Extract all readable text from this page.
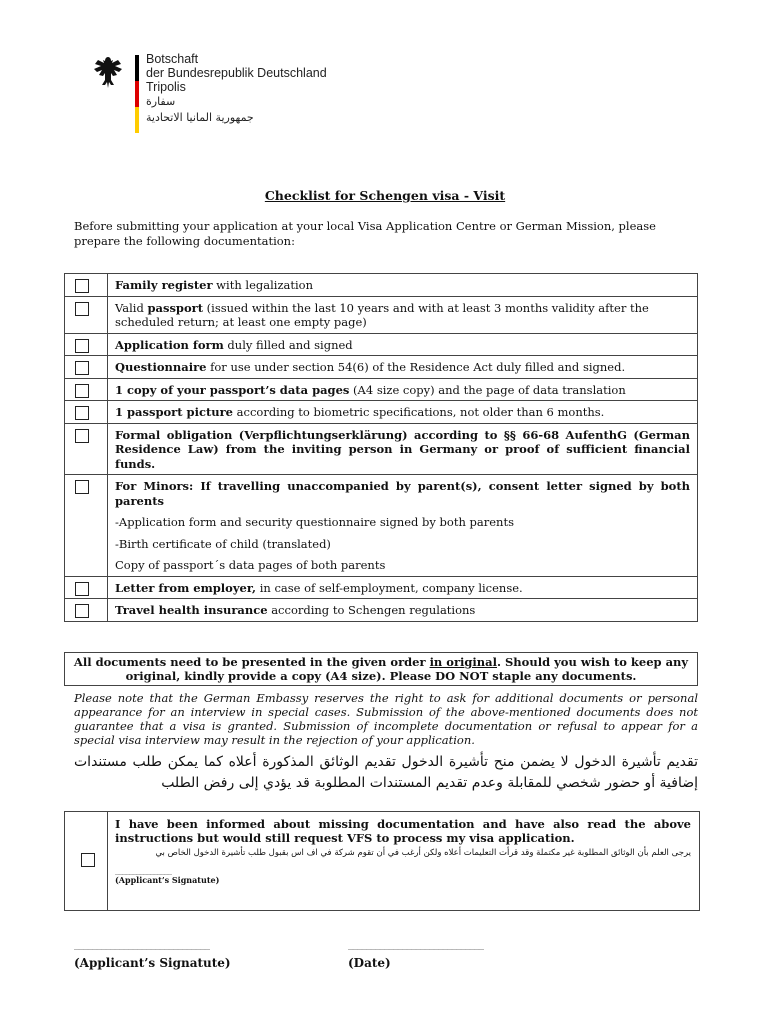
Botschaft
der Bundesrepublik Deutschland
Tripolis
سفارة
جمهورية المانيا الاتحادية
Checklist for Schengen visa - Visit
Before submitting your application at your local Visa Application Centre or German Mission, please prepare the following documentation:
	Family register with legalization

	Valid passport (issued within the last 10 years and with at least 3 months validity after the scheduled return; at least one empty page)

	Application form duly filled and signed

	Questionnaire for use under section 54(6) of the Residence Act duly filled and signed.

	1 copy of your passport’s data pages (A4 size copy) and the page of data translation

	1 passport picture according to biometric specifications, not older than 6 months.

	Formal obligation (Verpflichtungserklärung) according to §§ 66-68 AufenthG (German Residence Law) from the inviting person in Germany or proof of sufficient financial funds.

	For Minors: If travelling unaccompanied by parent(s), consent letter signed by both parents
-Application form and security questionnaire signed by both parents
-Birth certificate of child (translated)
Copy of passport´s data pages of both parents

	Letter from employer, in case of self-employment, company license.

	Travel health insurance according to Schengen regulations
All documents need to be presented in the given order in original. Should you wish to keep any original, kindly provide a copy (A4 size). Please DO NOT staple any documents.
Please note that the German Embassy reserves the right to ask for additional documents or personal appearance for an interview in special cases. Submission of the above-mentioned documents does not guarantee that a visa is granted. Submission of incomplete documentation or refusal to appear for a special visa interview may result in the rejection of your application.
تقديم تأشيرة الدخول لا يضمن منح تأشيرة الدخول تقديم الوثائق المذكورة أعلاه كما يمكن طلب مستندات إضافية أو حضور شخصي للمقابلة وعدم تقديم المستندات المطلوبة قد يؤدي إلى رفض الطلب
I have been informed about missing documentation and have also read the above instructions but would still request VFS to process my visa application.
يرجى العلم بأن الوثائق المطلوبة غير مكتملة وقد قرأت التعليمات أعلاه ولكن أرغب في أن تقوم شركة في اف اس بقبول طلب تأشيرة الدخول الخاص بي
________________
(Applicant’s Signatute)
______________________________
(Applicant’s Signatute)
______________________________
(Date)
